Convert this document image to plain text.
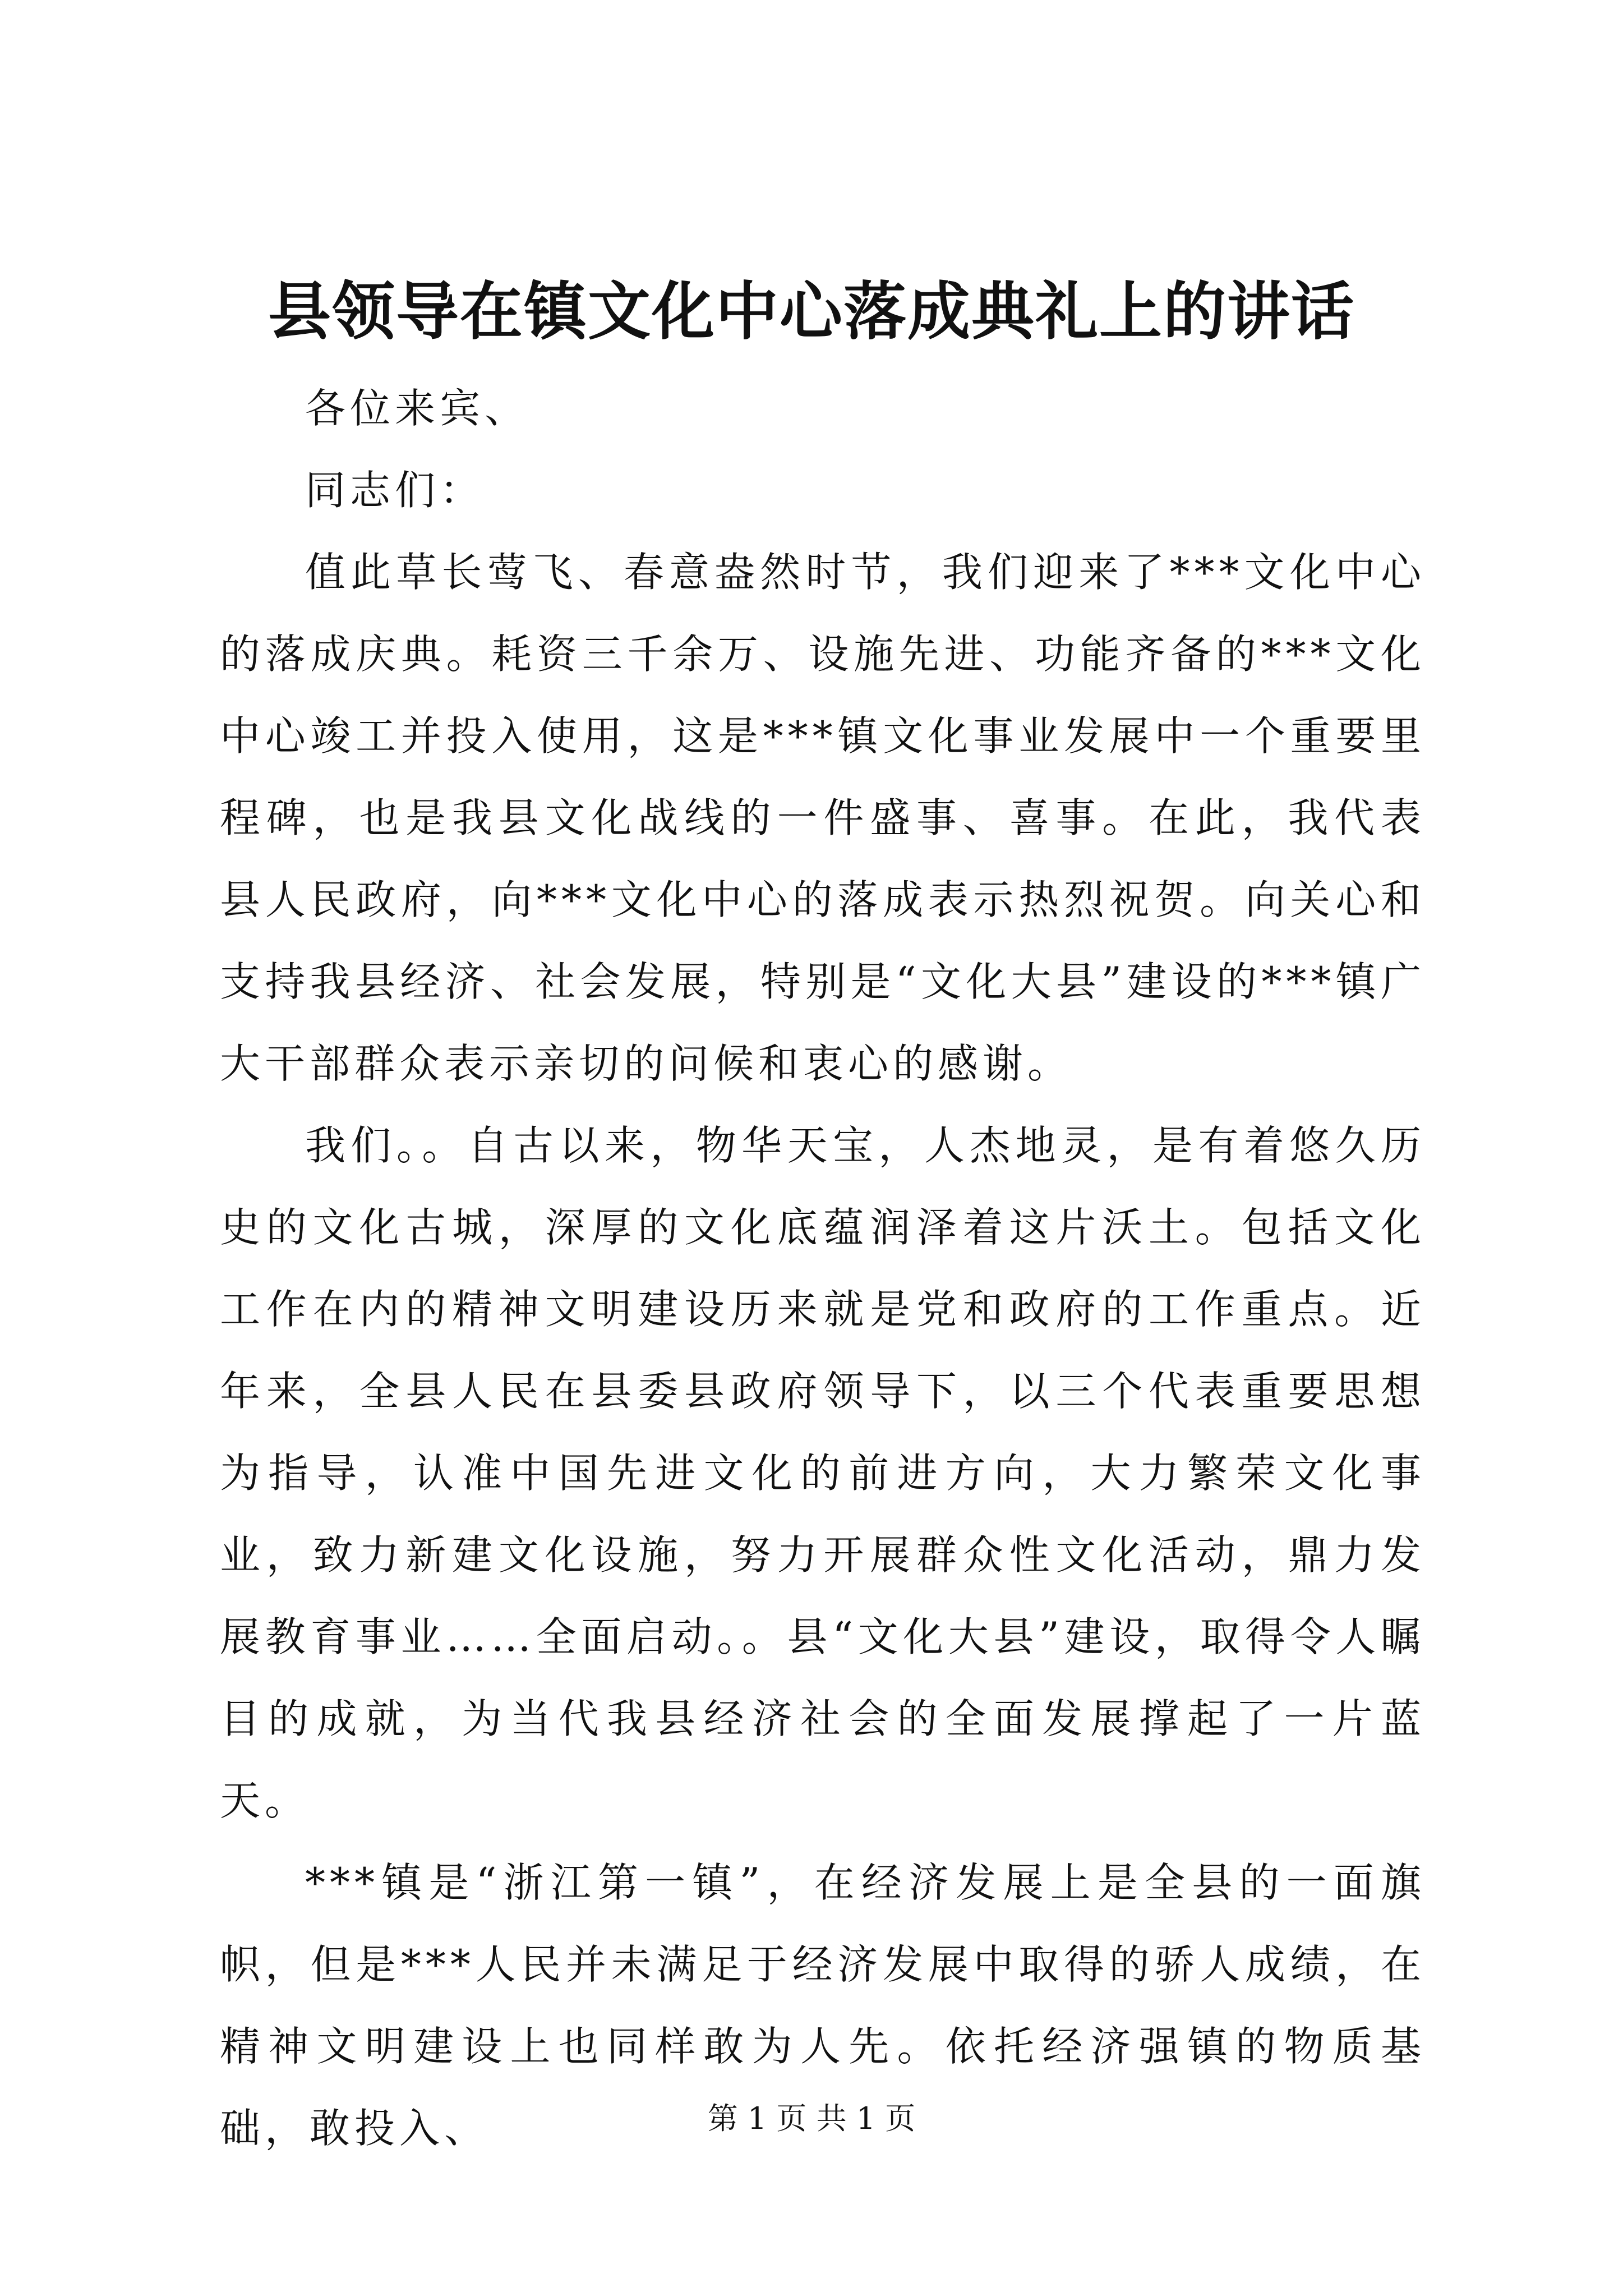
县领导在镇文化中心落成典礼上的讲话

各位来宾、

同志们：

值此草长莺飞、春意盎然时节，我们迎来了***文化中心的落成庆典。耗资三千余万、设施先进、功能齐备的***文化中心竣工并投入使用，这是***镇文化事业发展中一个重要里程碑，也是我县文化战线的一件盛事、喜事。在此，我代表县人民政府，向***文化中心的落成表示热烈祝贺。向关心和支持我县经济、社会发展，特别是“文化大县”建设的***镇广大干部群众表示亲切的问候和衷心的感谢。

我们。。自古以来，物华天宝，人杰地灵，是有着悠久历史的文化古城，深厚的文化底蕴润泽着这片沃土。包括文化工作在内的精神文明建设历来就是党和政府的工作重点。近年来，全县人民在县委县政府领导下，以三个代表重要思想为指导，认准中国先进文化的前进方向，大力繁荣文化事业，致力新建文化设施，努力开展群众性文化活动，鼎力发展教育事业……全面启动。。县“文化大县”建设，取得令人瞩目的成就，为当代我县经济社会的全面发展撑起了一片蓝天。

***镇是“浙江第一镇”，在经济发展上是全县的一面旗帜，但是***人民并未满足于经济发展中取得的骄人成绩，在精神文明建设上也同样敢为人先。依托经济强镇的物质基础，敢投入、	第 1 页 共 1 页
